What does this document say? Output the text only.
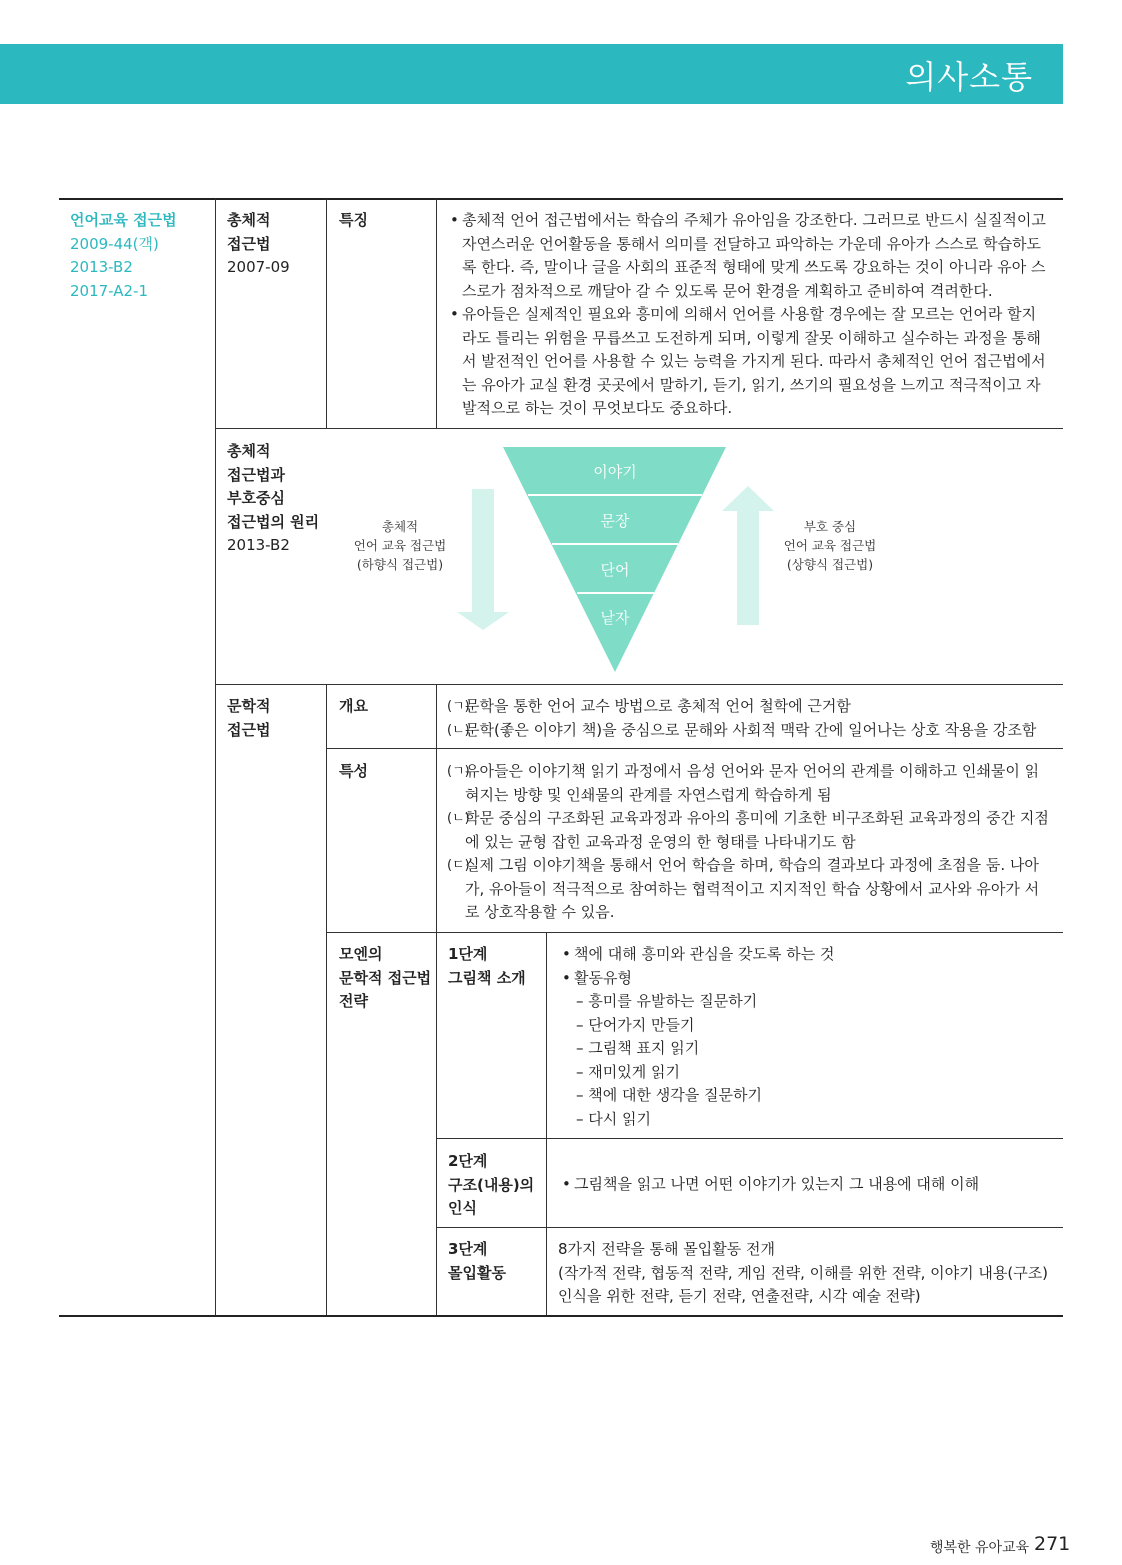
의사소통
언어교육 접근법
2009-44(객)
2013-B2
2017-A2-1
총체적
접근법
2007-09
특징

•	총체적 언어 접근법에서는 학습의 주체가 유아임을 강조한다. 그러므로 반드시 실질적이고 자연스러운 언어활동을 통해서 의미를 전달하고 파악하는 가운데 유아가 스스로 학습하도록 한다. 즉, 말이나 글을 사회의 표준적 형태에 맞게 쓰도록 강요하는 것이 아니라 유아 스스로가 점차적으로 깨달아 갈 수 있도록 문어 환경을 계획하고 준비하여 격려한다.

• 유아들은 실제적인 필요와 흥미에 의해서 언어를 사용할 경우에는 잘 모르는 언어라 할지라도 틀리는 위험을 무릅쓰고 도전하게 되며, 이렇게 잘못 이해하고 실수하는 과정을 통해서 발전적인 언어를 사용할 수 있는 능력을 가지게 된다. 따라서 총체적인 언어 접근법에서는 유아가 교실 환경 곳곳에서 말하기, 듣기, 읽기, 쓰기의 필요성을 느끼고 적극적이고 자발적으로 하는 것이 무엇보다도 중요하다.

총체적
접근법과
부호중심
접근법의 원리
2013-B2
이야기
문장
단어
낱자
총체적
언어 교육 접근법
(하향식 접근법)
부호 중심
언어 교육 접근법
(상향식 접근법)
문학적
접근법
개요	(ㄱ)
문학을 통한 언어 교수 방법으로 총체적 언어 철학에 근거함
(ㄴ)
문학(좋은 이야기 책)을 중심으로 문해와 사회적 맥락 간에 일어나는 상호 작용을 강조함
특성	(ㄱ)
유아들은 이야기책 읽기 과정에서 음성 언어와 문자 언어의 관계를 이해하고 인쇄물이 읽혀지는 방향 및 인쇄물의 관계를 자연스럽게 학습하게 됨
(ㄴ)
학문 중심의 구조화된 교육과정과 유아의 흥미에 기초한 비구조화된 교육과정의 중간 지점에 있는 균형 잡힌 교육과정 운영의 한 형태를 나타내기도 함
(ㄷ)
실제 그림 이야기책을 통해서 언어 학습을 하며, 학습의 결과보다 과정에 초점을 둠. 나아가, 유아들이 적극적으로 참여하는 협력적이고 지지적인 학습 상황에서 교사와 유아가 서로 상호작용할 수 있음.
모엔의
문학적 접근법
전략
1단계
그림책 소개
• 책에 대해 흥미와 관심을 갖도록 하는 것
• 활동유형
– 흥미를 유발하는 질문하기
– 단어가지 만들기
– 그림책 표지 읽기
– 재미있게 읽기
– 책에 대한 생각을 질문하기
– 다시 읽기
2단계
구조(내용)의
인식
• 그림책을 읽고 나면 어떤 이야기가 있는지 그 내용에 대해 이해
3단계
몰입활동
8가지 전략을 통해 몰입활동 전개
(작가적 전략, 협동적 전략, 게임 전략, 이해를 위한 전략, 이야기 내용(구조) 인식을 위한 전략, 듣기 전략, 연출전략, 시각 예술 전략)
행복한 유아교육 271
